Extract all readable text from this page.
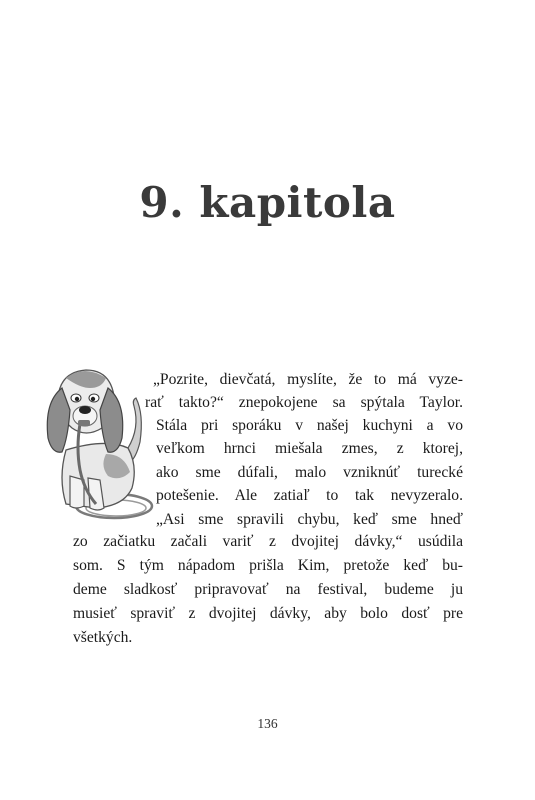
9. kapitola
„Pozrite, dievčatá, myslíte, že to má vyze-
rať takto?“ znepokojene sa spýtala Taylor.
Stála pri sporáku v našej kuchyni a vo
veľkom hrnci miešala zmes, z ktorej,
ako sme dúfali, malo vzniknúť turecké
potešenie. Ale zatiaľ to tak nevyzeralo.
„Asi sme spravili chybu, keď sme hneď
zo začiatku začali variť z dvojitej dávky,“ usúdila
som. S tým nápadom prišla Kim, pretože keď bu-
deme sladkosť pripravovať na festival, budeme ju
musieť spraviť z dvojitej dávky, aby bolo dosť pre
všetkých.
136
